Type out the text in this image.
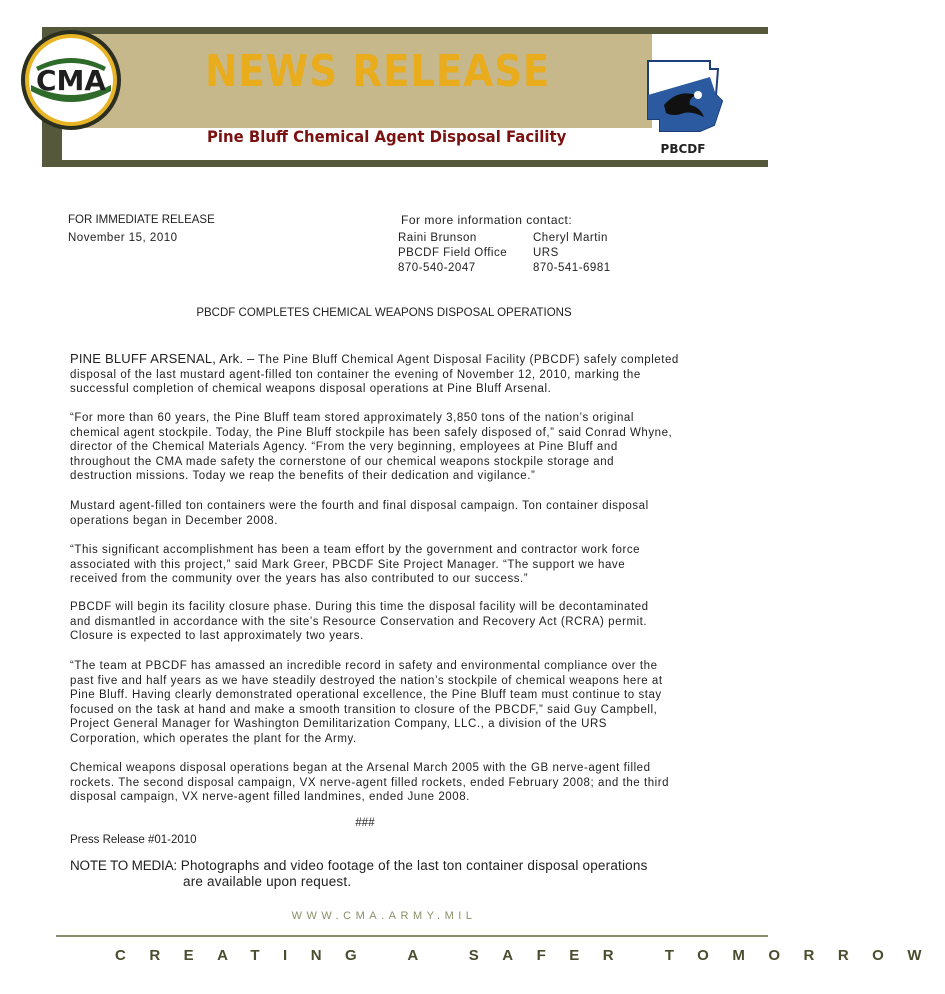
NEWS RELEASE
Pine Bluff Chemical Agent Disposal Facility
CMA
PBCDF
FOR IMMEDIATE RELEASE
November 15, 2010
For more information contact:
Raini Brunson
PBCDF Field Office
870-540-2047
Cheryl Martin
URS
870-541-6981
PBCDF COMPLETES CHEMICAL WEAPONS DISPOSAL OPERATIONS
PINE BLUFF ARSENAL, Ark. – The Pine Bluff Chemical Agent Disposal Facility (PBCDF) safely completed
disposal of the last mustard agent-filled ton container the evening of November 12, 2010, marking the
successful completion of chemical weapons disposal operations at Pine Bluff Arsenal.
“For more than 60 years, the Pine Bluff team stored approximately 3,850 tons of the nation’s original
chemical agent stockpile. Today, the Pine Bluff stockpile has been safely disposed of,” said Conrad Whyne,
director of the Chemical Materials Agency. “From the very beginning, employees at Pine Bluff and
throughout the CMA made safety the cornerstone of our chemical weapons stockpile storage and
destruction missions. Today we reap the benefits of their dedication and vigilance.”
Mustard agent-filled ton containers were the fourth and final disposal campaign. Ton container disposal
operations began in December 2008.
“This significant accomplishment has been a team effort by the government and contractor work force
associated with this project,” said Mark Greer, PBCDF Site Project Manager. “The support we have
received from the community over the years has also contributed to our success.”
PBCDF will begin its facility closure phase. During this time the disposal facility will be decontaminated
and dismantled in accordance with the site’s Resource Conservation and Recovery Act (RCRA) permit.
Closure is expected to last approximately two years.
“The team at PBCDF has amassed an incredible record in safety and environmental compliance over the
past five and half years as we have steadily destroyed the nation’s stockpile of chemical weapons here at
Pine Bluff. Having clearly demonstrated operational excellence, the Pine Bluff team must continue to stay
focused on the task at hand and make a smooth transition to closure of the PBCDF,” said Guy Campbell,
Project General Manager for Washington Demilitarization Company, LLC., a division of the URS
Corporation, which operates the plant for the Army.
Chemical weapons disposal operations began at the Arsenal March 2005 with the GB nerve-agent filled
rockets. The second disposal campaign, VX nerve-agent filled rockets, ended February 2008; and the third
disposal campaign, VX nerve-agent filled landmines, ended June 2008.
###
Press Release #01-2010
NOTE TO MEDIA: Photographs and video footage of the last ton container disposal operations
are available upon request.
WWW.CMA.ARMY.MIL
CREATING A SAFER TOMORROW
